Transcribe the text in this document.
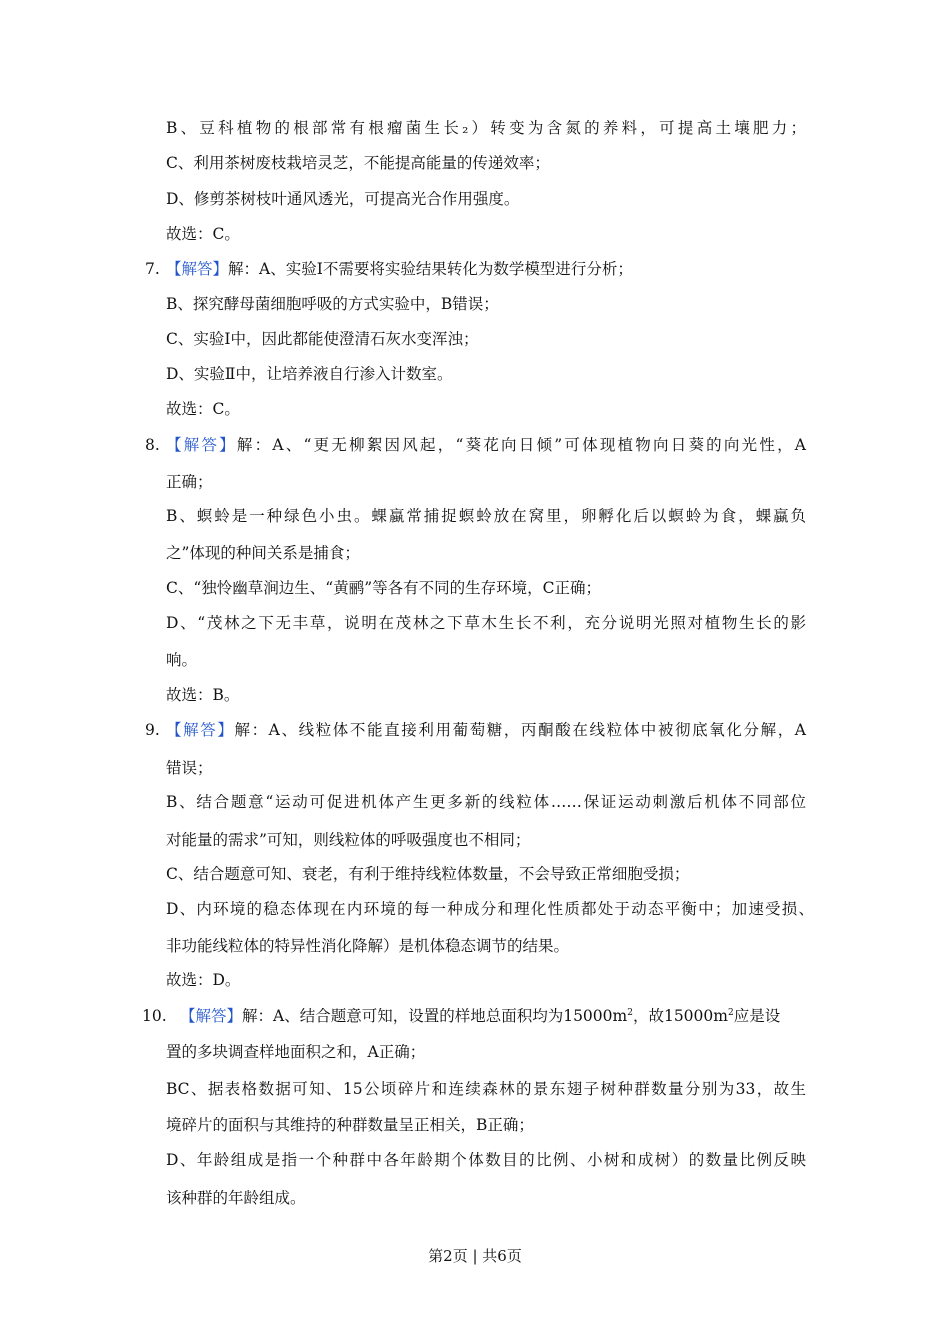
B、豆科植物的根部常有根瘤菌生长₂）转变为含氮的养料，可提高土壤肥力；
C、利用茶树废枝栽培灵芝，不能提高能量的传递效率；
D、修剪茶树枝叶通风透光，可提高光合作用强度。
故选：C。
7. 【解答】解：A、实验Ⅰ不需要将实验结果转化为数学模型进行分析；
B、探究酵母菌细胞呼吸的方式实验中，B错误；
C、实验Ⅰ中，因此都能使澄清石灰水变浑浊；
D、实验Ⅱ中，让培养液自行渗入计数室。
故选：C。
8. 【解答】解：A、“更无柳絮因风起，“葵花向日倾”可体现植物向日葵的向光性，A
正确；
B、螟蛉是一种绿色小虫。蜾蠃常捕捉螟蛉放在窝里，卵孵化后以螟蛉为食，蜾蠃负
之”体现的种间关系是捕食；
C、“独怜幽草涧边生、“黄鹂”等各有不同的生存环境，C正确；
D、“茂林之下无丰草，说明在茂林之下草木生长不利，充分说明光照对植物生长的影
响。
故选：B。
9. 【解答】解：A、线粒体不能直接利用葡萄糖，丙酮酸在线粒体中被彻底氧化分解，A
错误；
B、结合题意“运动可促进机体产生更多新的线粒体……保证运动刺激后机体不同部位
对能量的需求”可知，则线粒体的呼吸强度也不相同；
C、结合题意可知、衰老，有利于维持线粒体数量，不会导致正常细胞受损；
D、内环境的稳态体现在内环境的每一种成分和理化性质都处于动态平衡中；加速受损、
非功能线粒体的特异性消化降解）是机体稳态调节的结果。
故选：D。
10. 【解答】解：A、结合题意可知，设置的样地总面积均为$15000m^2$，故$15000m^2$应是设
置的多块调查样地面积之和，A正确；
BC、据表格数据可知、15公顷碎片和连续森林的景东翅子树种群数量分别为33，故生
境碎片的面积与其维持的种群数量呈正相关，B正确；
D、年龄组成是指一个种群中各年龄期个体数目的比例、小树和成树）的数量比例反映
该种群的年龄组成。
第2页 | 共6页
